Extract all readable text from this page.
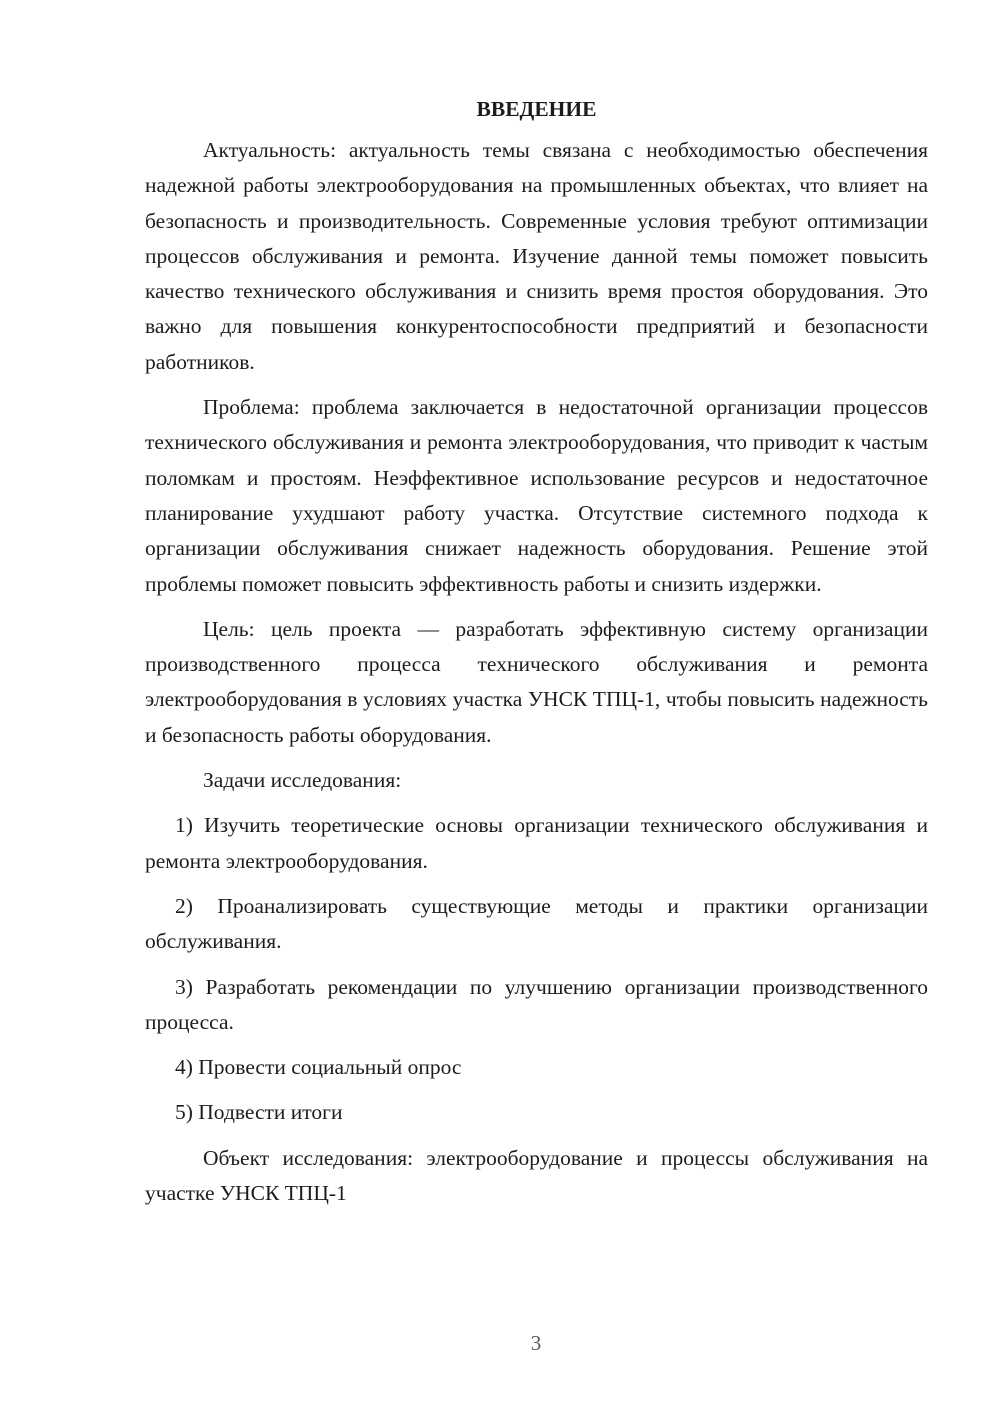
ВВЕДЕНИЕ

Актуальность: актуальность темы связана с необходимостью обеспечения надежной работы электрооборудования на промышленных объектах, что влияет на безопасность и производительность. Современные условия требуют оптимизации процессов обслуживания и ремонта. Изучение данной темы поможет повысить качество технического обслуживания и снизить время простоя оборудования. Это важно для повышения конкурентоспособности предприятий и безопасности работников.

Проблема: проблема заключается в недостаточной организации процессов технического обслуживания и ремонта электрооборудования, что приводит к частым поломкам и простоям. Неэффективное использование ресурсов и недостаточное планирование ухудшают работу участка. Отсутствие системного подхода к организации обслуживания снижает надежность оборудования. Решение этой проблемы поможет повысить эффективность работы и снизить издержки.

Цель: цель проекта — разработать эффективную систему организации производственного процесса технического обслуживания и ремонта электрооборудования в условиях участка УНСК ТПЦ-1, чтобы повысить надежность и безопасность работы оборудования.

Задачи исследования:

1) Изучить теоретические основы организации технического обслуживания и ремонта электрооборудования.

2) Проанализировать существующие методы и практики организации обслуживания.

3) Разработать рекомендации по улучшению организации производственного процесса.

4) Провести социальный опрос

5) Подвести итоги

Объект исследования: электрооборудование и процессы обслуживания на участке УНСК ТПЦ-1

3
